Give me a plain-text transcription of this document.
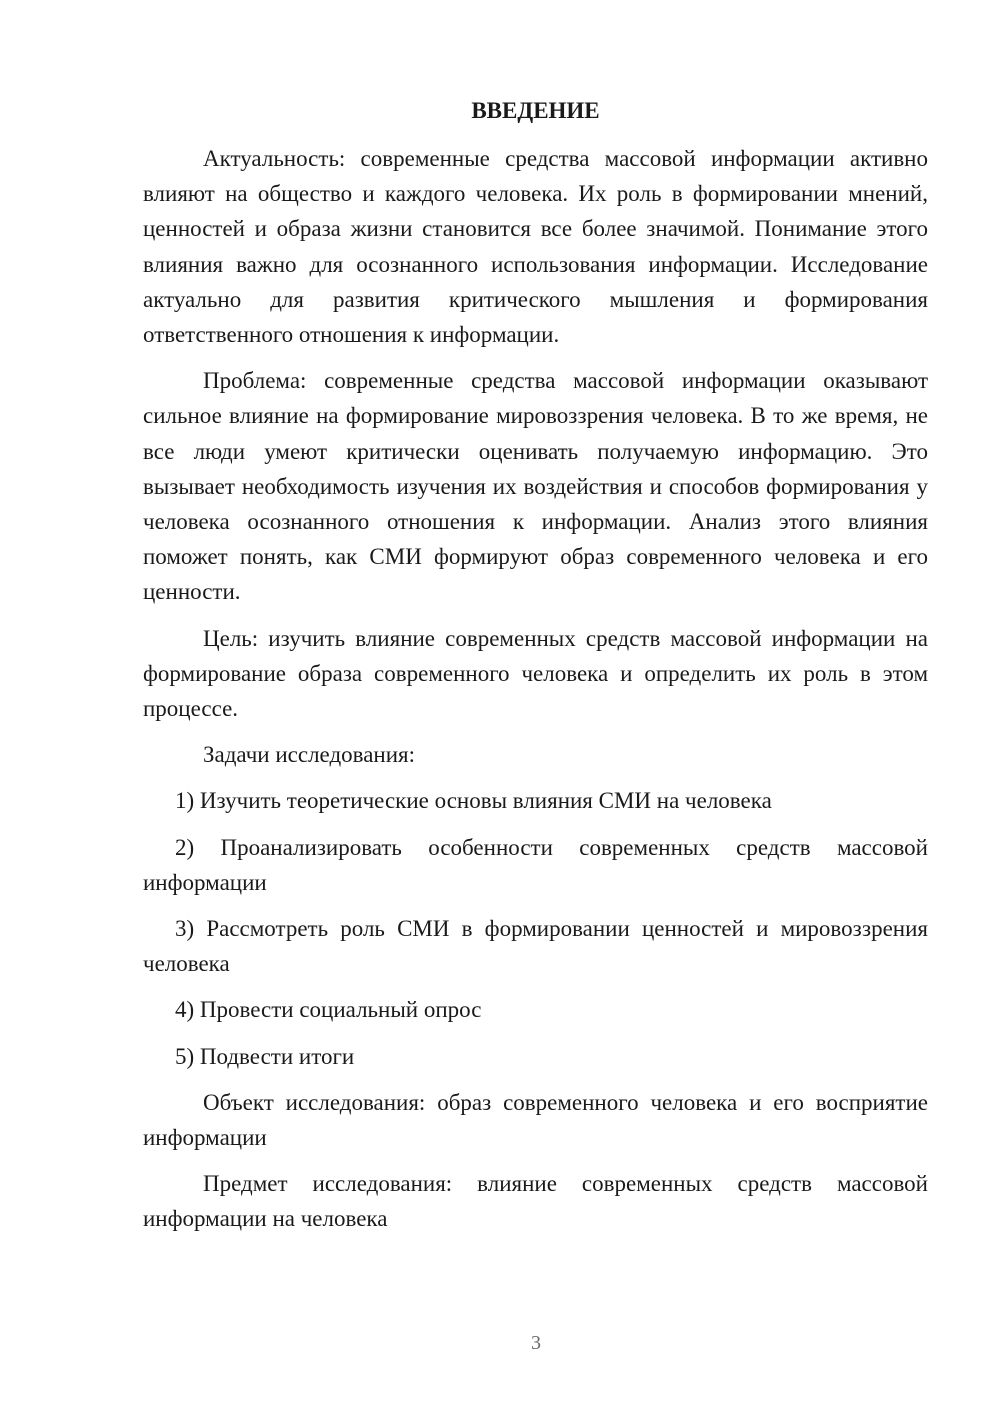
ВВЕДЕНИЕ

Актуальность: современные средства массовой информации активно влияют на общество и каждого человека. Их роль в формировании мнений, ценностей и образа жизни становится все более значимой. Понимание этого влияния важно для осознанного использования информации. Исследование актуально для развития критического мышления и формирования ответственного отношения к информации.

Проблема: современные средства массовой информации оказывают сильное влияние на формирование мировоззрения человека. В то же время, не все люди умеют критически оценивать получаемую информацию. Это вызывает необходимость изучения их воздействия и способов формирования у человека осознанного отношения к информации. Анализ этого влияния поможет понять, как СМИ формируют образ современного человека и его ценности.

Цель: изучить влияние современных средств массовой информации на формирование образа современного человека и определить их роль в этом процессе.

Задачи исследования:

1) Изучить теоретические основы влияния СМИ на человека

2) Проанализировать особенности современных средств массовой информации

3) Рассмотреть роль СМИ в формировании ценностей и мировоззрения человека

4) Провести социальный опрос

5) Подвести итоги

Объект исследования: образ современного человека и его восприятие информации

Предмет исследования: влияние современных средств массовой информации на человека

3
